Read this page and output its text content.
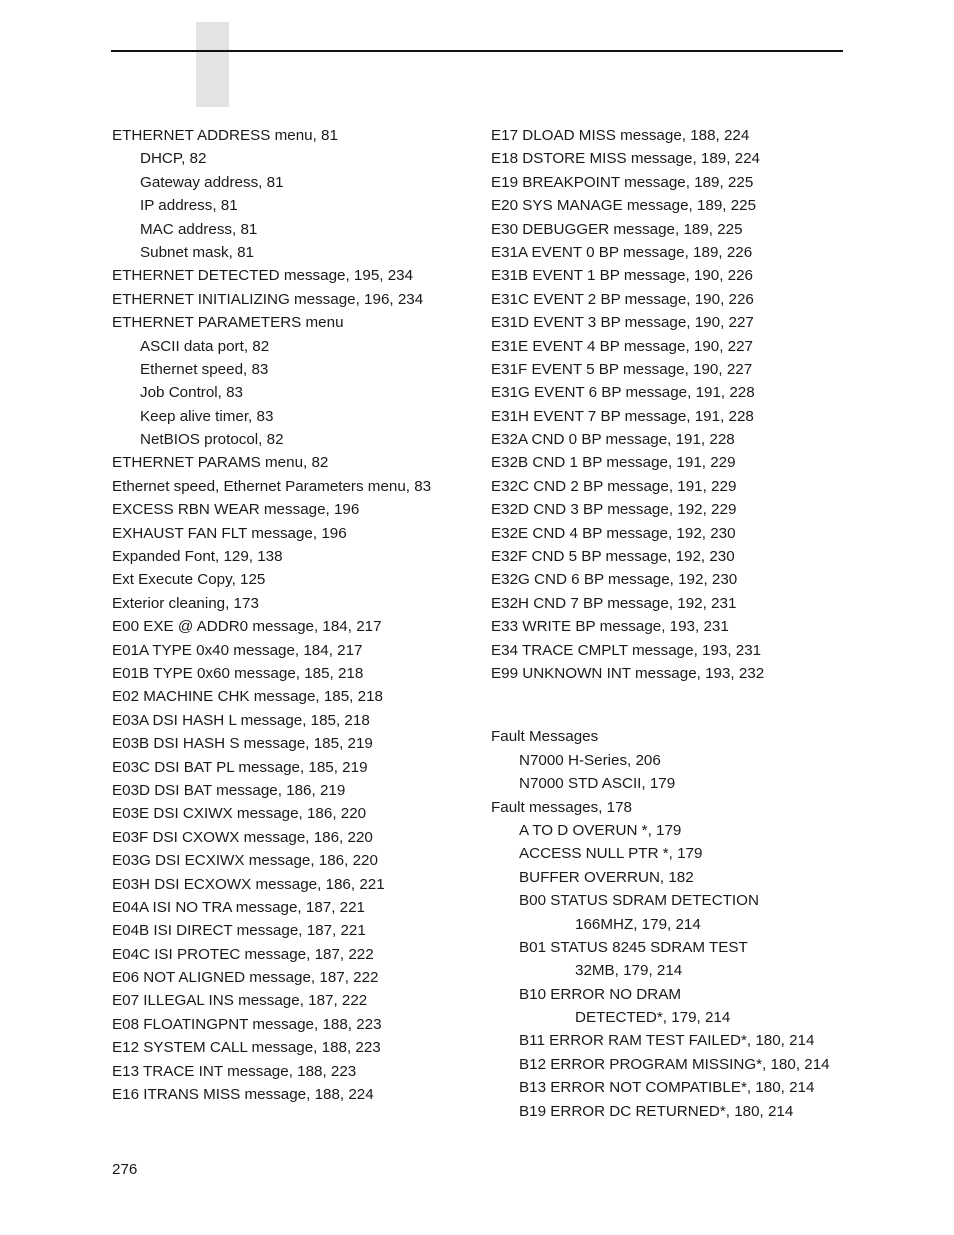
ETHERNET ADDRESS menu, 81
DHCP, 82
Gateway address, 81
IP address, 81
MAC address, 81
Subnet mask, 81
ETHERNET DETECTED message, 195, 234
ETHERNET INITIALIZING message, 196, 234
ETHERNET PARAMETERS menu
ASCII data port, 82
Ethernet speed, 83
Job Control, 83
Keep alive timer, 83
NetBIOS protocol, 82
ETHERNET PARAMS menu, 82
Ethernet speed, Ethernet Parameters menu, 83
EXCESS RBN WEAR message, 196
EXHAUST FAN FLT message, 196
Expanded Font, 129, 138
Ext Execute Copy, 125
Exterior cleaning, 173
E00 EXE @ ADDR0 message, 184, 217
E01A TYPE 0x40 message, 184, 217
E01B TYPE 0x60 message, 185, 218
E02 MACHINE CHK message, 185, 218
E03A DSI HASH L message, 185, 218
E03B DSI HASH S message, 185, 219
E03C DSI BAT PL message, 185, 219
E03D DSI BAT message, 186, 219
E03E DSI CXIWX message, 186, 220
E03F DSI CXOWX message, 186, 220
E03G DSI ECXIWX message, 186, 220
E03H DSI ECXOWX message, 186, 221
E04A ISI NO TRA message, 187, 221
E04B ISI DIRECT message, 187, 221
E04C ISI PROTEC message, 187, 222
E06 NOT ALIGNED message, 187, 222
E07 ILLEGAL INS message, 187, 222
E08 FLOATINGPNT message, 188, 223
E12 SYSTEM CALL message, 188, 223
E13 TRACE INT message, 188, 223
E16 ITRANS MISS message, 188, 224
E17 DLOAD MISS message, 188, 224
E18 DSTORE MISS message, 189, 224
E19 BREAKPOINT message, 189, 225
E20 SYS MANAGE message, 189, 225
E30 DEBUGGER message, 189, 225
E31A EVENT 0 BP message, 189, 226
E31B EVENT 1 BP message, 190, 226
E31C EVENT 2 BP message, 190, 226
E31D EVENT 3 BP message, 190, 227
E31E EVENT 4 BP message, 190, 227
E31F EVENT 5 BP message, 190, 227
E31G EVENT 6 BP message, 191, 228
E31H EVENT 7 BP message, 191, 228
E32A CND 0 BP message, 191, 228
E32B CND 1 BP message, 191, 229
E32C CND 2 BP message, 191, 229
E32D CND 3 BP message, 192, 229
E32E CND 4 BP message, 192, 230
E32F CND 5 BP message, 192, 230
E32G CND 6 BP message, 192, 230
E32H CND 7 BP message, 192, 231
E33 WRITE BP message, 193, 231
E34 TRACE CMPLT message, 193, 231
E99 UNKNOWN INT message, 193, 232
Fault Messages
N7000 H-Series, 206
N7000 STD ASCII, 179
Fault messages, 178
A TO D OVERUN *, 179
ACCESS NULL PTR *, 179
BUFFER OVERRUN, 182
B00 STATUS SDRAM DETECTION
166MHZ, 179, 214
B01 STATUS 8245 SDRAM TEST
32MB, 179, 214
B10 ERROR NO DRAM
DETECTED*, 179, 214
B11 ERROR RAM TEST FAILED*, 180, 214
B12 ERROR PROGRAM MISSING*, 180, 214
B13 ERROR NOT COMPATIBLE*, 180, 214
B19 ERROR DC RETURNED*, 180, 214
276
